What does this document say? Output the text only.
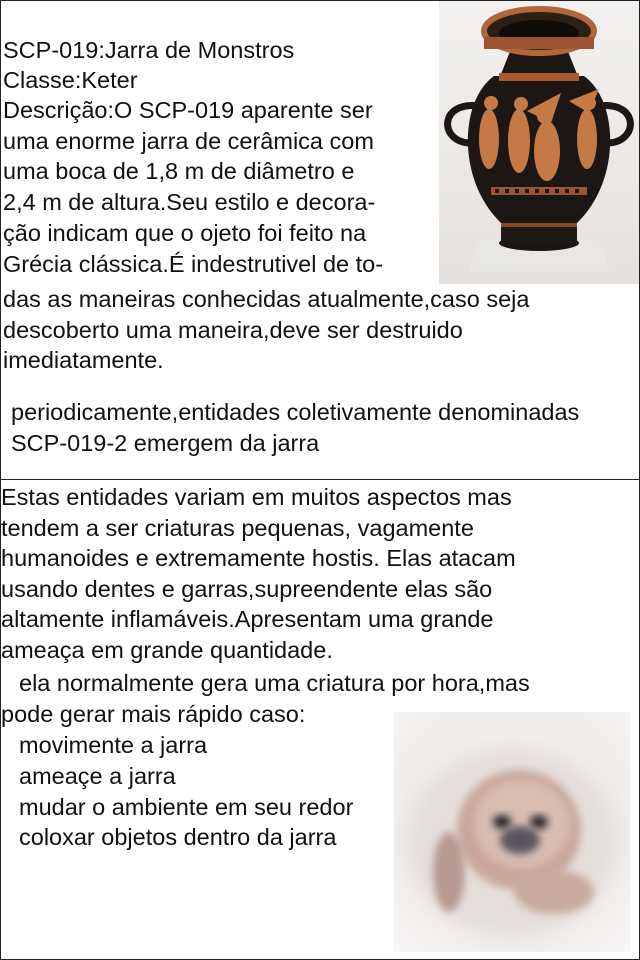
SCP-019:Jarra de Monstros
Classe:Keter
Descrição:O SCP-019 aparente ser
uma enorme jarra de cerâmica com
uma boca de 1,8 m de diâmetro e
2,4 m de altura.Seu estilo e decora-
ção indicam que o ojeto foi feito na
Grécia clássica.É indestrutivel de to-
das as maneiras conhecidas atualmente,caso seja
descoberto uma maneira,deve ser destruido
imediatamente.
periodicamente,entidades coletivamente denominadas
SCP-019-2 emergem da jarra
Estas entidades variam em muitos aspectos mas
tendem a ser criaturas pequenas, vagamente
humanoides e extremamente hostis. Elas atacam
usando dentes e garras,supreendente elas são
altamente inflamáveis.Apresentam uma grande
ameaça em grande quantidade.
ela normalmente gera uma criatura por hora,mas
pode gerar mais rápido caso:
movimente a jarra
ameaçe a jarra
mudar o ambiente em seu redor
coloxar objetos dentro da jarra
